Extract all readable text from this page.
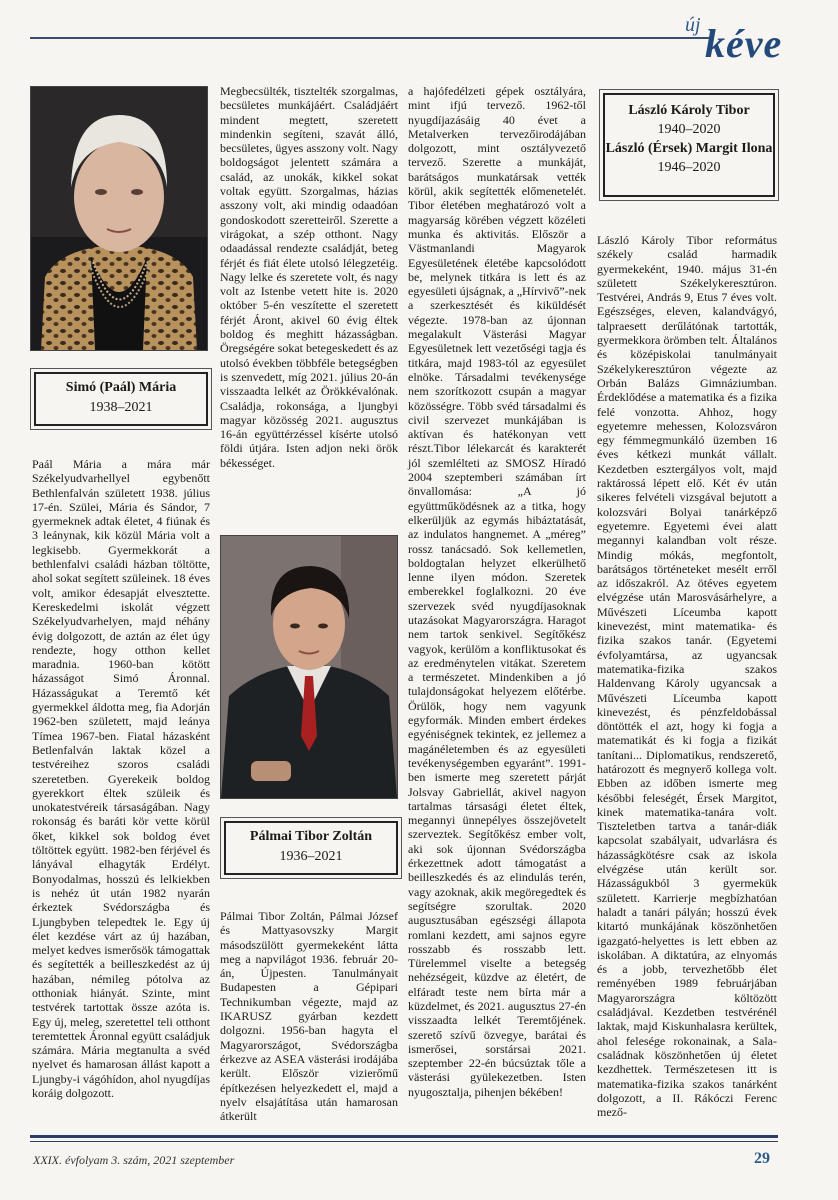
új kéve
Simó (Paál) Mária
1938–2021

Paál Mária a mára már Székelyudvarhellyel egybenőtt Bethlenfalván született 1938. július 17-én. Szülei, Mária és Sándor, 7 gyermeknek adtak életet, 4 fiúnak és 3 leánynak, kik közül Mária volt a legkisebb. Gyermekkorát a bethlenfalvi családi házban töltötte, ahol sokat segített szüleinek. 18 éves volt, amikor édesapját elvesztette. Kereskedelmi iskolát végzett Székelyudvarhelyen, majd néhány évig dolgozott, de aztán az élet úgy rendezte, hogy otthon kellet maradnia. 1960-ban kötött házasságot Simó Áronnal. Házasságukat a Teremtő két gyermekkel áldotta meg, fia Adorján 1962-ben született, majd leánya Tímea 1967-ben. Fiatal házasként Betlenfalván laktak közel a testvéreihez szoros családi szeretetben. Gyerekeik boldog gyerekkort éltek szüleik és unokatestvéreik társaságában. Nagy rokonság és baráti kör vette körül őket, kikkel sok boldog évet töltöttek együtt. 1982-ben férjével és lányával elhagyták Erdélyt. Bonyodalmas, hosszú és lelkiekben is nehéz út után 1982 nyarán érkeztek Svédországba és Ljungbyben telepedtek le. Egy új élet kezdése várt az új hazában, melyet kedves ismerősök támogattak és segítették a beilleszkedést az új hazában, némileg pótolva az otthoniak hiányát. Szinte, mint testvérek tartottak össze azóta is. Egy új, meleg, szeretettel teli otthont teremtettek Áronnal együtt családjuk számára. Mária megtanulta a svéd nyelvet és hamarosan állást kapott a Ljungby-i vágóhídon, ahol nyugdíjas koráig dolgozott.

Megbecsülték, tisztelték szorgalmas, becsületes munkájáért. Családjáért mindent megtett, szeretett mindenkin segíteni, szavát álló, becsületes, ügyes asszony volt. Nagy boldogságot jelentett számára a család, az unokák, kikkel sokat voltak együtt. Szorgalmas, házias asszony volt, aki mindig odaadóan gondoskodott szeretteiről. Szerette a virágokat, a szép otthont. Nagy odaadással rendezte családját, beteg férjét és fiát élete utolsó lélegzetéig. Nagy lelke és szeretete volt, és nagy volt az Istenbe vetett hite is. 2020 október 5-én veszítette el szeretett férjét Áront, akivel 60 évig éltek boldog és meghitt házasságban. Öregségére sokat betegeskedett és az utolsó években többféle betegségben is szenvedett, míg 2021. július 20-án visszaadta lelkét az Örökkévalónak. Családja, rokonsága, a ljungbyi magyar közösség 2021. augusztus 16-án együttérzéssel kísérte utolsó földi útjára. Isten adjon neki örök békességet.

Pálmai Tibor Zoltán
1936–2021

Pálmai Tibor Zoltán, Pálmai József és Mattyasovszky Margit másodszülött gyermekeként látta meg a napvilágot 1936. február 20-án, Újpesten. Tanulmányait Budapesten a Gépipari Technikumban végezte, majd az IKARUSZ gyárban kezdett dolgozni. 1956-ban hagyta el Magyarországot, Svédországba érkezve az ASEA västerási irodájába került. Először vizierőmű építkezésen helyezkedett el, majd a nyelv elsajátítása után hamarosan átkerült

a hajófedélzeti gépek osztályára, mint ifjú tervező. 1962-től nyugdíjazásáig 40 évet a Metalverken tervezőirodájában dolgozott, mint osztályvezető tervező. Szerette a munkáját, barátságos munkatársak vették körül, akik segítették előmenetelét. Tibor életében meghatározó volt a magyarság körében végzett közéleti munka és aktivitás. Először a Västmanlandi Magyarok Egyesületének életébe kapcsolódott be, melynek titkára is lett és az egyesületi újságnak, a „Hírvivő”-nek a szerkesztését és kiküldését végezte. 1978-ban az újonnan megalakult Västerási Magyar Egyesületnek lett vezetőségi tagja és titkára, majd 1983-tól az egyesület elnöke. Társadalmi tevékenysége nem szorítkozott csupán a magyar közösségre. Több svéd társadalmi és civil szervezet munkájában is aktívan és hatékonyan vett részt.Tibor lélekarcát és karakterét jól szemlélteti az SMOSZ Híradó 2004 szeptemberi számában írt önvallomása: „A jó együttműködésnek az a titka, hogy elkerüljük az egymás hibáztatását, az indulatos hangnemet. A „méreg” rossz tanácsadó. Sok kellemetlen, boldogtalan helyzet elkerülhető lenne ilyen módon. Szeretek emberekkel foglalkozni. 20 éve szervezek svéd nyugdíjasoknak utazásokat Magyarországra. Haragot nem tartok senkivel. Segítőkész vagyok, kerülöm a konfliktusokat és az eredménytelen vitákat. Szeretem a természetet. Mindenkiben a jó tulajdonságokat helyezem előtérbe. Örülök, hogy nem vagyunk egyformák. Minden embert érdekes egyéniségnek tekintek, ez jellemez a magánéletemben és az egyesületi tevékenységemben egyaránt”. 1991-ben ismerte meg szeretett párját Jolsvay Gabriellát, akivel nagyon tartalmas társasági életet éltek, megannyi ünnepélyes összejövetelt szerveztek. Segítőkész ember volt, aki sok újonnan Svédországba érkezettnek adott támogatást a beilleszkedés és az elindulás terén, vagy azoknak, akik megöregedtek és segítségre szorultak. 2020 augusztusában egészségi állapota romlani kezdett, ami sajnos egyre rosszabb és rosszabb lett. Türelemmel viselte a betegség nehézségeit, küzdve az életért, de elfáradt teste nem bírta már a küzdelmet, és 2021. augusztus 27-én visszaadta lelkét Teremtőjének. szerető szívű özvegye, barátai és ismerősei, sorstársai 2021. szeptember 22-én búcsúztak tőle a västerási gyülekezetben. Isten nyugosztalja, pihenjen békében!

László Károly Tibor
1940–2020
László (Érsek) Margit Ilona
1946–2020

László Károly Tibor református székely család harmadik gyermekeként, 1940. május 31-én született Székelykeresztúron. Testvérei, András 9, Etus 7 éves volt. Egészséges, eleven, kalandvágyó, talpraesett derűlátónak tartották, gyermekkora örömben telt. Általános és középiskolai tanulmányait Székelykeresztúron végezte az Orbán Balázs Gimnáziumban. Érdeklődése a matematika és a fizika felé vonzotta. Ahhoz, hogy egyetemre mehessen, Kolozsváron egy fémmegmunkáló üzemben 16 éves kétkezi munkát vállalt. Kezdetben esztergályos volt, majd raktárossá lépett elő. Két év után sikeres felvételi vizsgával bejutott a kolozsvári Bolyai tanárképző egyetemre. Egyetemi évei alatt megannyi kalandban volt része. Mindig mókás, megfontolt, barátságos történeteket mesélt erről az időszakról. Az ötéves egyetem elvégzése után Marosvásárhelyre, a Művészeti Líceumba kapott kinevezést, mint matematika- és fizika szakos tanár. (Egyetemi évfolyamtársa, az ugyancsak matematika-fizika szakos Haldenvang Károly ugyancsak a Művészeti Líceumba kapott kinevezést, és pénzfeldobással döntötték el azt, hogy ki fogja a matematikát és ki fogja a fizikát tanítani... Diplomatikus, rendszerető, határozott és megnyerő kollega volt. Ebben az időben ismerte meg későbbi feleségét, Érsek Margitot, kinek matematika-tanára volt. Tiszteletben tartva a tanár-diák kapcsolat szabályait, udvarlásra és házasságkötésre csak az iskola elvégzése után került sor. Házasságukból 3 gyermekük született. Karrierje megbízhatóan haladt a tanári pályán; hosszú évek kitartó munkájának köszönhetően igazgató-helyettes is lett ebben az iskolában. A diktatúra, az elnyomás és a jobb, tervezhetőbb élet reményében 1989 februárjában Magyarországra költözött családjával. Kezdetben testvérénél laktak, majd Kiskunhalasra kerültek, ahol felesége rokonainak, a Sala-családnak köszönhetően új életet kezdhettek. Természetesen itt is matematika-fizika szakos tanárként dolgozott, a II. Rákóczi Ferenc mező-

XXIX. évfolyam 3. szám, 2021 szeptember	29
